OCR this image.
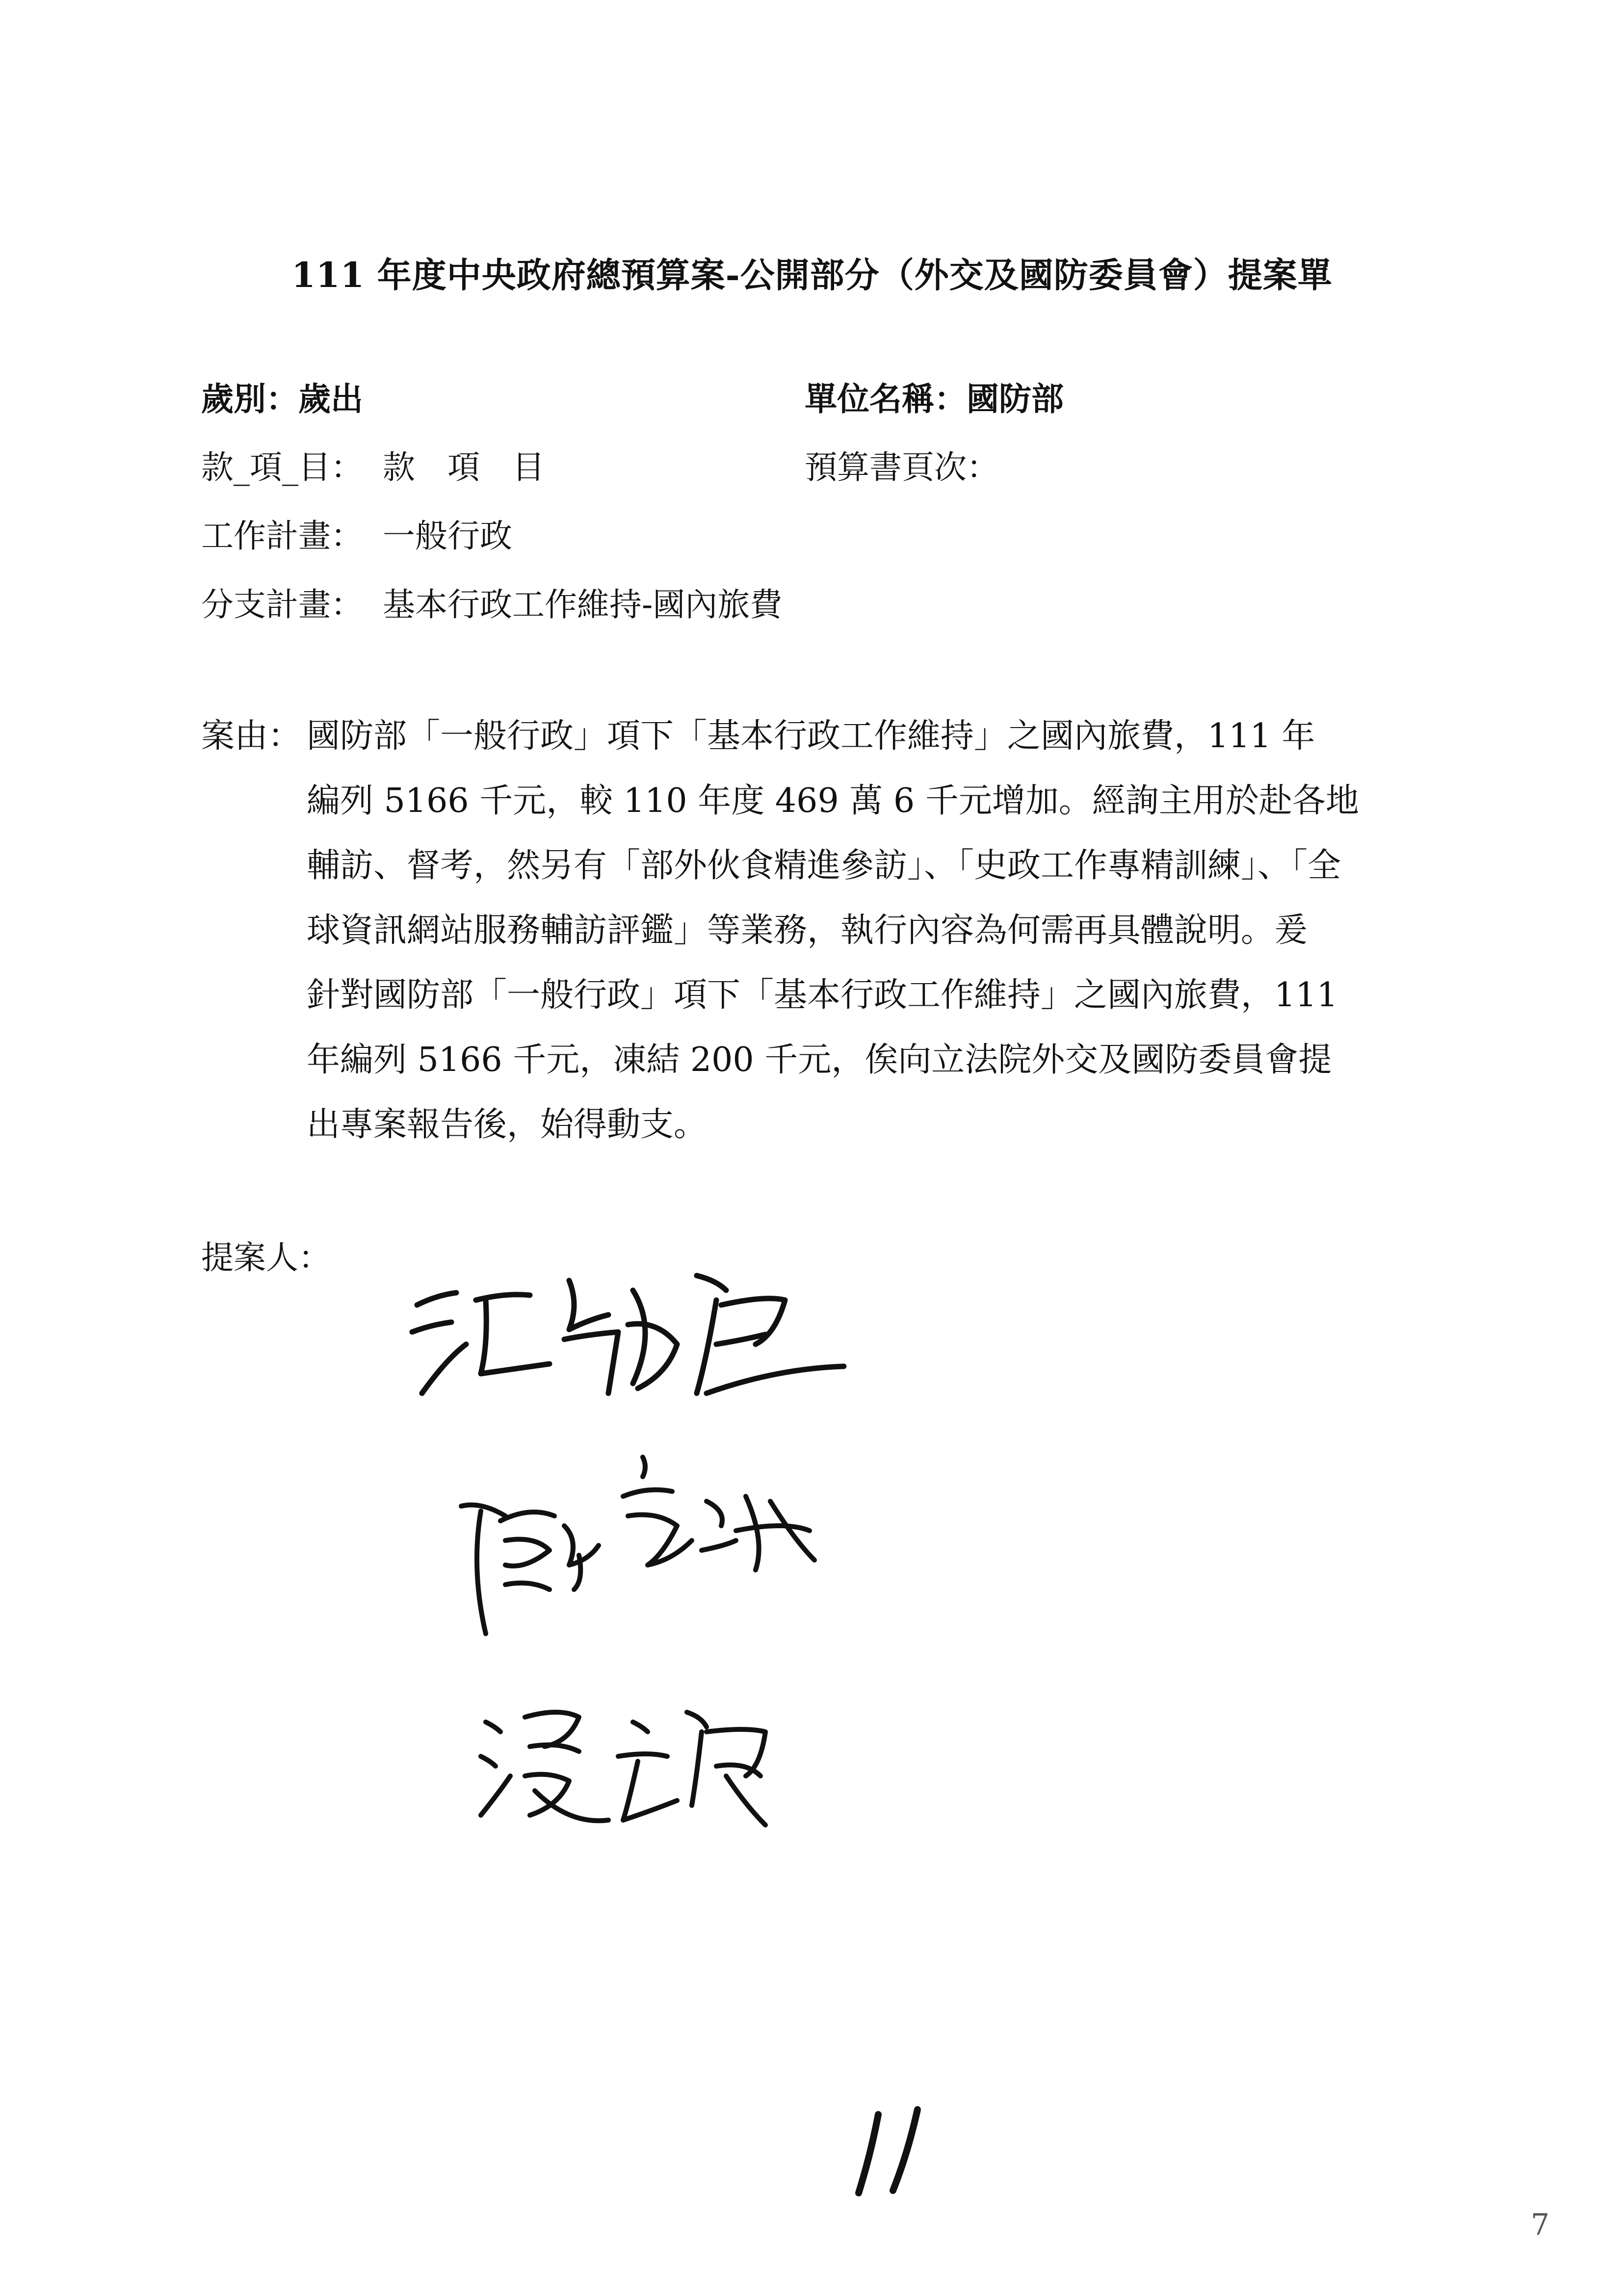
111 年度中央政府總預算案-公開部分（外交及國防委員會）提案單
歲別：歲出	單位名稱：國防部
款_項_目： 款　項　目	預算書頁次：
工作計畫： 一般行政
分支計畫： 基本行政工作維持-國內旅費
案由： 國防部「一般行政」項下「基本行政工作維持」之國內旅費，111 年
編列 5166 千元，較 110 年度 469 萬 6 千元增加。經詢主用於赴各地
輔訪、督考，然另有「部外伙食精進參訪」、「史政工作專精訓練」、「全
球資訊網站服務輔訪評鑑」等業務，執行內容為何需再具體說明。爰
針對國防部「一般行政」項下「基本行政工作維持」之國內旅費，111
年編列 5166 千元，凍結 200 千元，俟向立法院外交及國防委員會提
出專案報告後，始得動支。
提案人：
7
